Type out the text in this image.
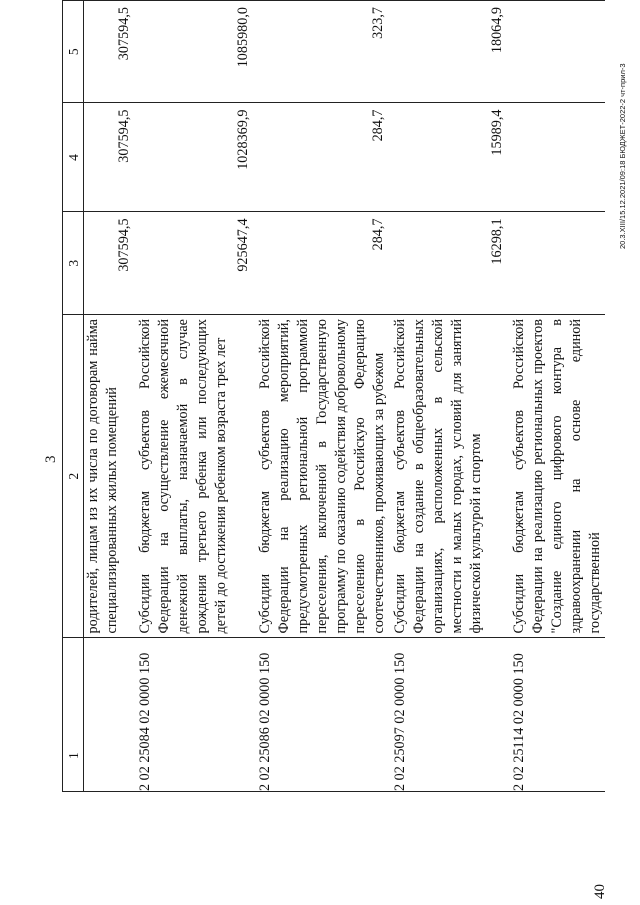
3
1	2	3	4	5
	родителей, лицам из их числа по договорам найма специализированных жилых помещений	307594,5	307594,5	307594,5
2 02 25084 02 0000 150	Субсидии бюджетам субъектов Российской Федерации на осуществление ежемесячной денежной выплаты, назначаемой в случае рождения третьего ребенка или последующих детей до достижения ребенком возраста трех лет	925647,4	1028369,9	1085980,0
2 02 25086 02 0000 150	Субсидии бюджетам субъектов Российской Федерации на реализацию мероприятий, предусмотренных региональной программой переселения, включенной в Государственную программу по оказанию содействия добровольному переселению в Российскую Федерацию соотечественников, проживающих за рубежом	284,7	284,7	323,7
2 02 25097 02 0000 150	Субсидии бюджетам субъектов Российской Федерации на создание в общеобразовательных организациях, расположенных в сельской местности и малых городах, условий для занятий физической культурой и спортом	16298,1	15989,4	18064,9
2 02 25114 02 0000 150	Субсидии бюджетам субъектов Российской Федерации на реализацию региональных проектов "Создание единого цифрового контура в здравоохранении на основе единой государственной			
40
20.3.XIII/15.12.2021/09:18 БЮДЖЕТ-2022-2 чт-прил-3
